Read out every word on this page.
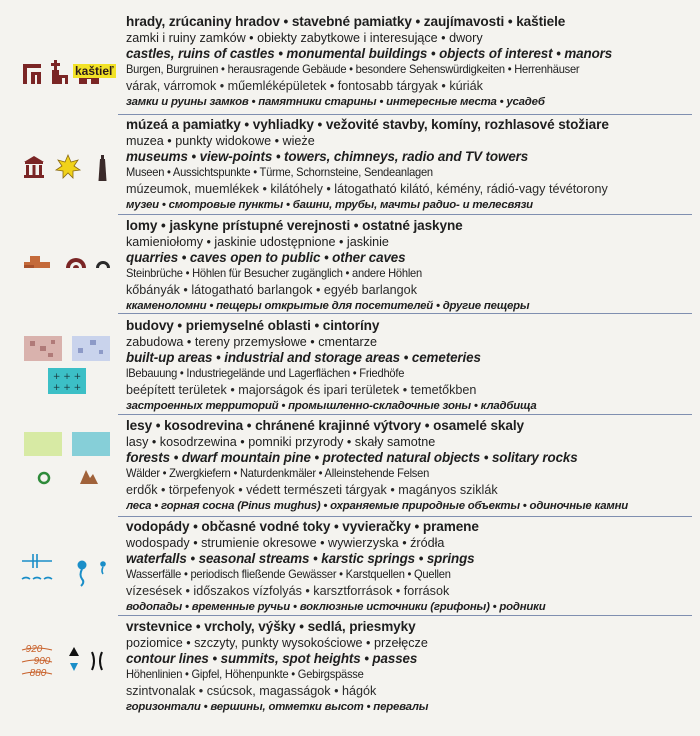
kaštieľ
hrady, zrúcaniny hradov • stavebné pamiatky • zaujímavosti • kaštiele
zamki i ruiny zamków • obiekty zabytkowe i interesujące • dwory
castles, ruins of castles • monumental buildings • objects of interest • manors
Burgen, Burgruinen • herausragende Gebäude • besondere Sehenswürdigkeiten • Herrenhäuser
várak, várromok • műemléképületek • fontosabb tárgyak • kúriák
замки и руины замков • памятники старины • интересные места • усадеб
múzeá a pamiatky • vyhliadky • vežovité stavby, komíny, rozhlasové stožiare
muzea • punkty widokowe • wieże
museums • view-points • towers, chimneys, radio and TV towers
Museen • Aussichtspunkte • Türme, Schornsteine, Sendeanlagen
múzeumok, muemlékek • kilátóhely • látogatható kilátó, kémény, rádió-vagy tévétorony
музеи • смотровые пункты • башни, трубы, мачты радио- и телесвязи
lomy • jaskyne prístupné verejnosti • ostatné jaskyne
kamieniołomy • jaskinie udostępnione • jaskinie
quarries • caves open to public • other caves
Steinbrüche • Höhlen für Besucher zugänglich • andere Höhlen
kőbányák • látogatható barlangok • egyéb barlangok
ккаменоломни • пещеры открытые для посетителей • другие пещеры
+ + +
+ + +
budovy • priemyselné oblasti • cintoríny
zabudowa • tereny przemysłowe • cmentarze
built-up areas • industrial and storage areas • cemeteries
lBebauung • Industriegelände und Lagerflächen • Friedhöfe
beépített területek • majorságok és ipari területek • temetőkben
застроенных территорий • промышленно-складочные зоны • кладбища
lesy • kosodrevina • chránené krajinné výtvory • osamelé skaly
lasy • kosodrzewina • pomniki przyrody • skały samotne
forests • dwarf mountain pine • protected natural objects • solitary rocks
Wälder • Zwergkiefern • Naturdenkmäler • Alleinstehende Felsen
erdők • törpefenyok • védett természeti tárgyak • magányos sziklák
леса • горная сосна (Pinus mughus) • охраняемые природные объекты • одиночные камни
vodopády • občasné vodné toky • vyvieračky • pramene
wodospady • strumienie okresowe • wywierzyska • źródła
waterfalls • seasonal streams • karstic springs • springs
Wasserfälle • periodisch fließende Gewässer • Karstquellen • Quellen
vízesések • időszakos vízfolyás • karsztforrások • források
водопады • временные ручьи • воклюзные источники (грифоны) • родники
920
900
880
vrstevnice • vrcholy, výšky • sedlá, priesmyky
poziomice • szczyty, punkty wysokościowe • przełęcze
contour lines • summits, spot heights • passes
Höhenlinien • Gipfel, Höhenpunkte • Gebirgspässe
szintvonalak • csúcsok, magasságok • hágók
горизонтали • вершины, отметки высот • перевалы
